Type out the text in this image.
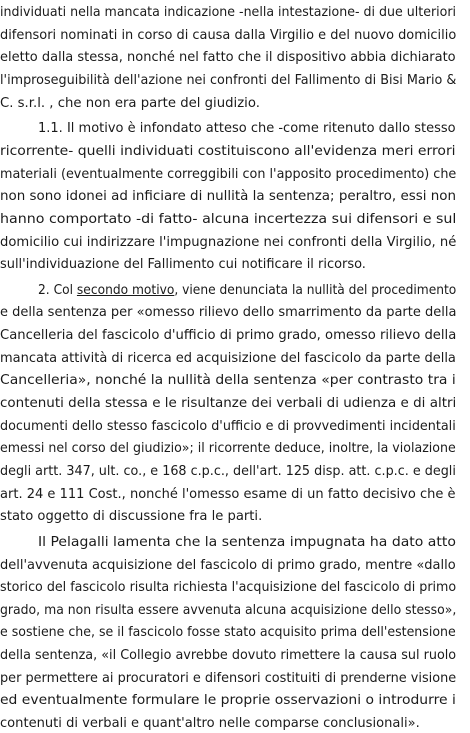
individuati nella mancata indicazione -nella intestazione- di due ulteriori
difensori nominati in corso di causa dalla Virgilio e del nuovo domicilio
eletto dalla stessa, nonché nel fatto che il dispositivo abbia dichiarato
l'improseguibilità dell'azione nei confronti del Fallimento di Bisi Mario &
C. s.r.l. , che non era parte del giudizio.
1.1. Il motivo è infondato atteso che -come ritenuto dallo stesso
ricorrente- quelli individuati costituiscono all'evidenza meri errori
materiali (eventualmente correggibili con l'apposito procedimento) che
non sono idonei ad inficiare di nullità la sentenza; peraltro, essi non
hanno comportato -di fatto- alcuna incertezza sui difensori e sul
domicilio cui indirizzare l'impugnazione nei confronti della Virgilio, né
sull'individuazione del Fallimento cui notificare il ricorso.
2. Col secondo motivo, viene denunciata la nullità del procedimento
e della sentenza per «omesso rilievo dello smarrimento da parte della
Cancelleria del fascicolo d'ufficio di primo grado, omesso rilievo della
mancata attività di ricerca ed acquisizione del fascicolo da parte della
Cancelleria», nonché la nullità della sentenza «per contrasto tra i
contenuti della stessa e le risultanze dei verbali di udienza e di altri
documenti dello stesso fascicolo d'ufficio e di provvedimenti incidentali
emessi nel corso del giudizio»; il ricorrente deduce, inoltre, la violazione
degli artt. 347, ult. co., e 168 c.p.c., dell'art. 125 disp. att. c.p.c. e degli
art. 24 e 111 Cost., nonché l'omesso esame di un fatto decisivo che è
stato oggetto di discussione fra le parti.
Il Pelagalli lamenta che la sentenza impugnata ha dato atto
dell'avvenuta acquisizione del fascicolo di primo grado, mentre «dallo
storico del fascicolo risulta richiesta l'acquisizione del fascicolo di primo
grado, ma non risulta essere avvenuta alcuna acquisizione dello stesso»,
e sostiene che, se il fascicolo fosse stato acquisito prima dell'estensione
della sentenza, «il Collegio avrebbe dovuto rimettere la causa sul ruolo
per permettere ai procuratori e difensori costituiti di prenderne visione
ed eventualmente formulare le proprie osservazioni o introdurre i
contenuti di verbali e quant'altro nelle comparse conclusionali».
